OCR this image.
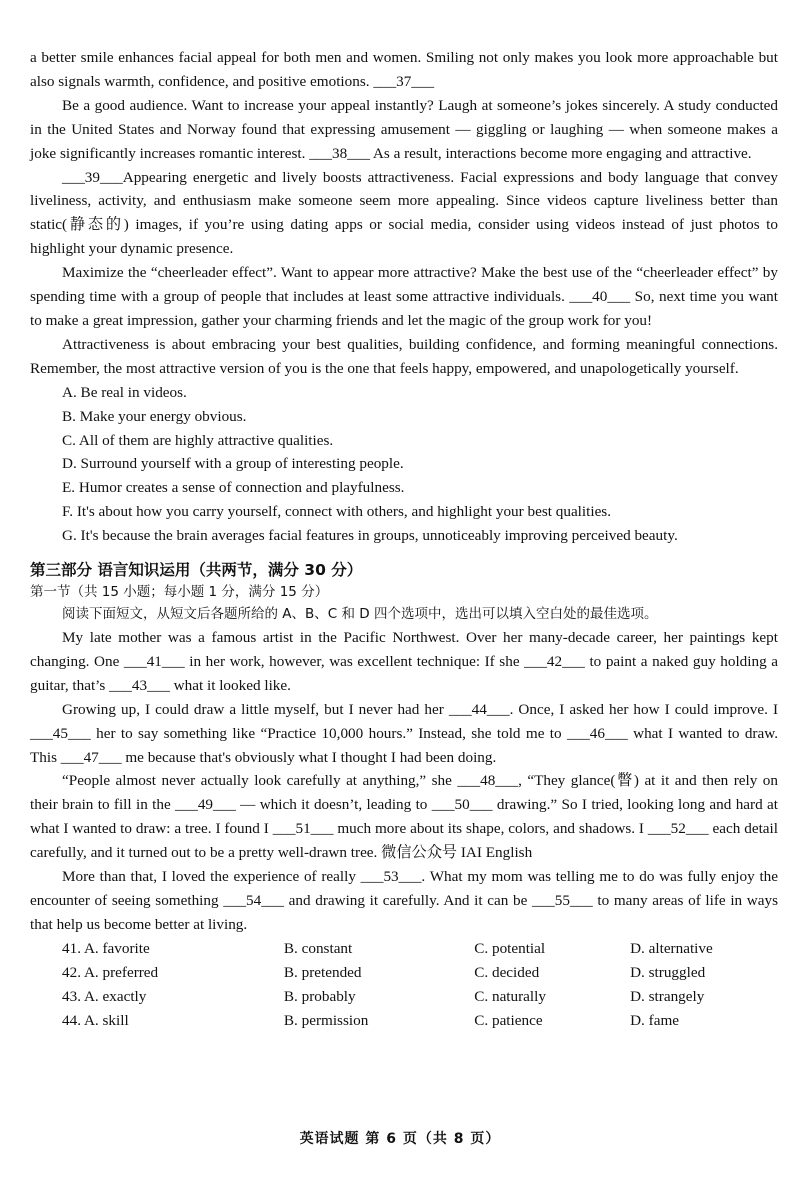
a better smile enhances facial appeal for both men and women. Smiling not only makes you look more approachable but also signals warmth, confidence, and positive emotions. ___37___

Be a good audience. Want to increase your appeal instantly? Laugh at someone’s jokes sincerely. A study conducted in the United States and Norway found that expressing amusement — giggling or laughing — when someone makes a joke significantly increases romantic interest. ___38___ As a result, interactions become more engaging and attractive.

___39___Appearing energetic and lively boosts attractiveness. Facial expressions and body language that convey liveliness, activity, and enthusiasm make someone seem more appealing. Since videos capture liveliness better than static(静态的) images, if you’re using dating apps or social media, consider using videos instead of just photos to highlight your dynamic presence.

Maximize the “cheerleader effect”. Want to appear more attractive? Make the best use of the “cheerleader effect” by spending time with a group of people that includes at least some attractive individuals. ___40___ So, next time you want to make a great impression, gather your charming friends and let the magic of the group work for you!

Attractiveness is about embracing your best qualities, building confidence, and forming meaningful connections. Remember, the most attractive version of you is the one that feels happy, empowered, and unapologetically yourself.

A. Be real in videos.

B. Make your energy obvious.

C. All of them are highly attractive qualities.

D. Surround yourself with a group of interesting people.

E. Humor creates a sense of connection and playfulness.

F. It's about how you carry yourself, connect with others, and highlight your best qualities.

G. It's because the brain averages facial features in groups, unnoticeably improving perceived beauty.

第三部分 语言知识运用（共两节，满分 30 分）
第一节（共 15 小题；每小题 1 分，满分 15 分）
阅读下面短文，从短文后各题所给的 A、B、C 和 D 四个选项中，选出可以填入空白处的最佳选项。

My late mother was a famous artist in the Pacific Northwest. Over her many-decade career, her paintings kept changing. One ___41___ in her work, however, was excellent technique: If she ___42___ to paint a naked guy holding a guitar, that’s ___43___ what it looked like.

Growing up, I could draw a little myself, but I never had her ___44___. Once, I asked her how I could improve. I ___45___ her to say something like “Practice 10,000 hours.” Instead, she told me to ___46___ what I wanted to draw. This ___47___ me because that's obviously what I thought I had been doing.

“People almost never actually look carefully at anything,” she ___48___, “They glance(瞥) at it and then rely on their brain to fill in the ___49___ — which it doesn’t, leading to ___50___ drawing.” So I tried, looking long and hard at what I wanted to draw: a tree. I found I ___51___ much more about its shape, colors, and shadows. I ___52___ each detail carefully, and it turned out to be a pretty well-drawn tree. 微信公众号 IAI English

More than that, I loved the experience of really ___53___. What my mom was telling me to do was fully enjoy the encounter of seeing something ___54___ and drawing it carefully. And it can be ___55___ to many areas of life in ways that help us become better at living.

41. A. favorite	B. constant	C. potential	D. alternative
42. A. preferred	B. pretended	C. decided	D. struggled
43. A. exactly	B. probably	C. naturally	D. strangely
44. A. skill	B. permission	C. patience	D. fame
英语试题 第 6 页（共 8 页）
